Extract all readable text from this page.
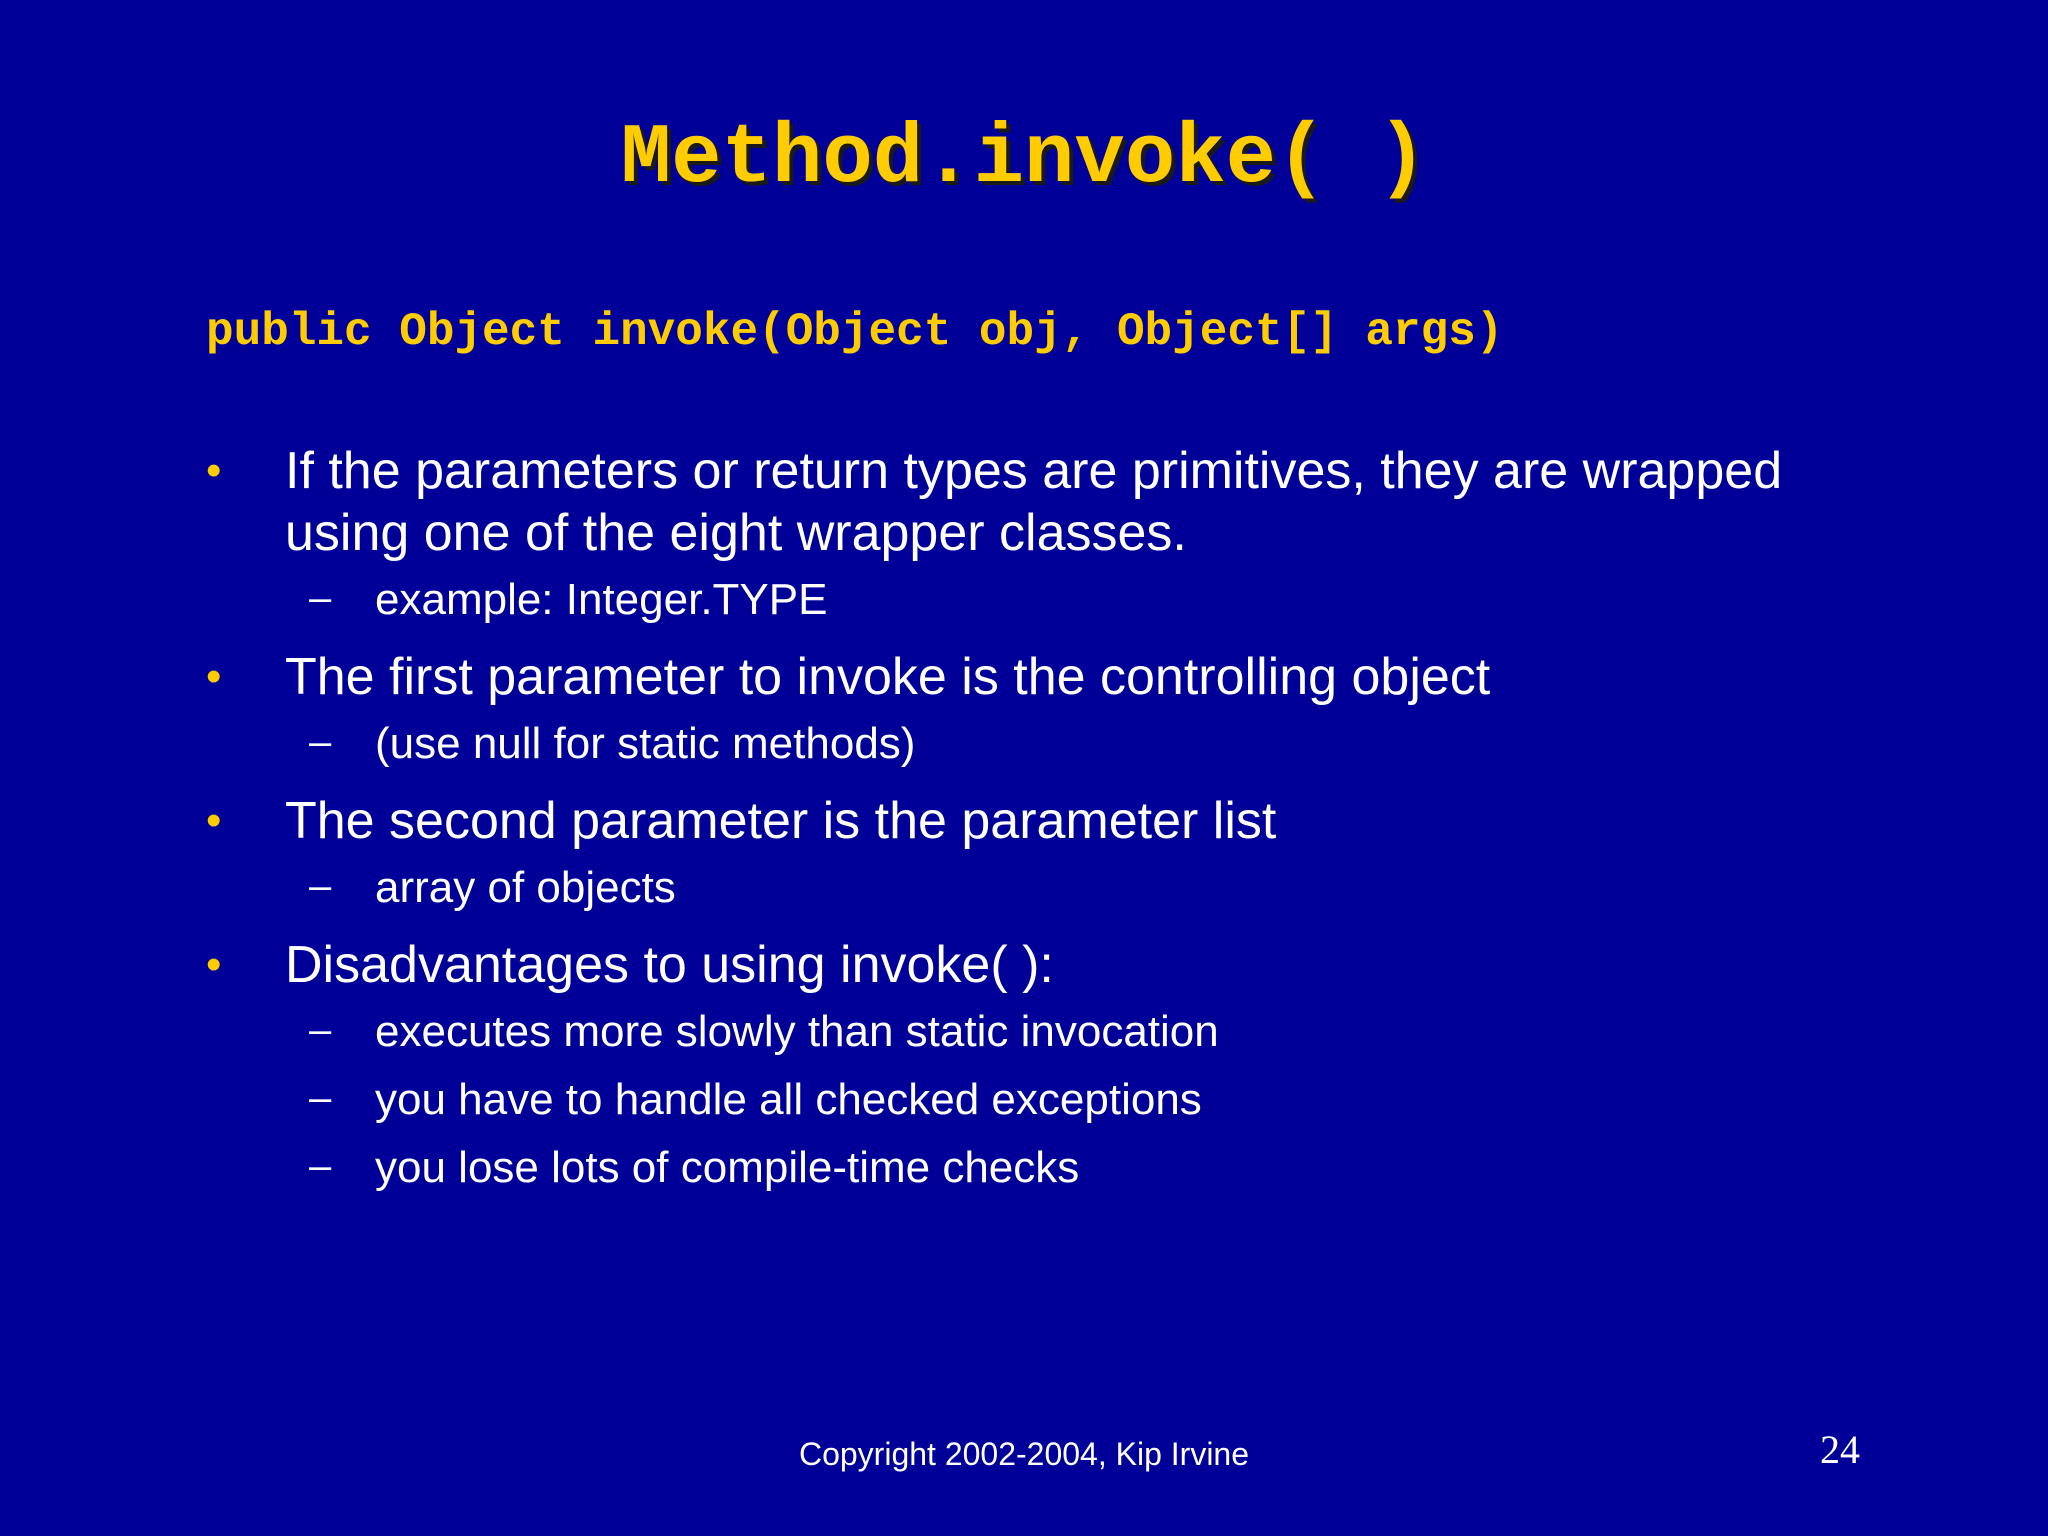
Method.invoke( )
public Object invoke(Object obj, Object[] args)
• If the parameters or return types are primitives, they are wrapped using one of the eight wrapper classes.
– example: Integer.TYPE
• The first parameter to invoke is the controlling object
– (use null for static methods)
• The second parameter is the parameter list
– array of objects
• Disadvantages to using invoke( ):
– executes more slowly than static invocation
– you have to handle all checked exceptions
– you lose lots of compile-time checks
Copyright 2002-2004, Kip Irvine	24
